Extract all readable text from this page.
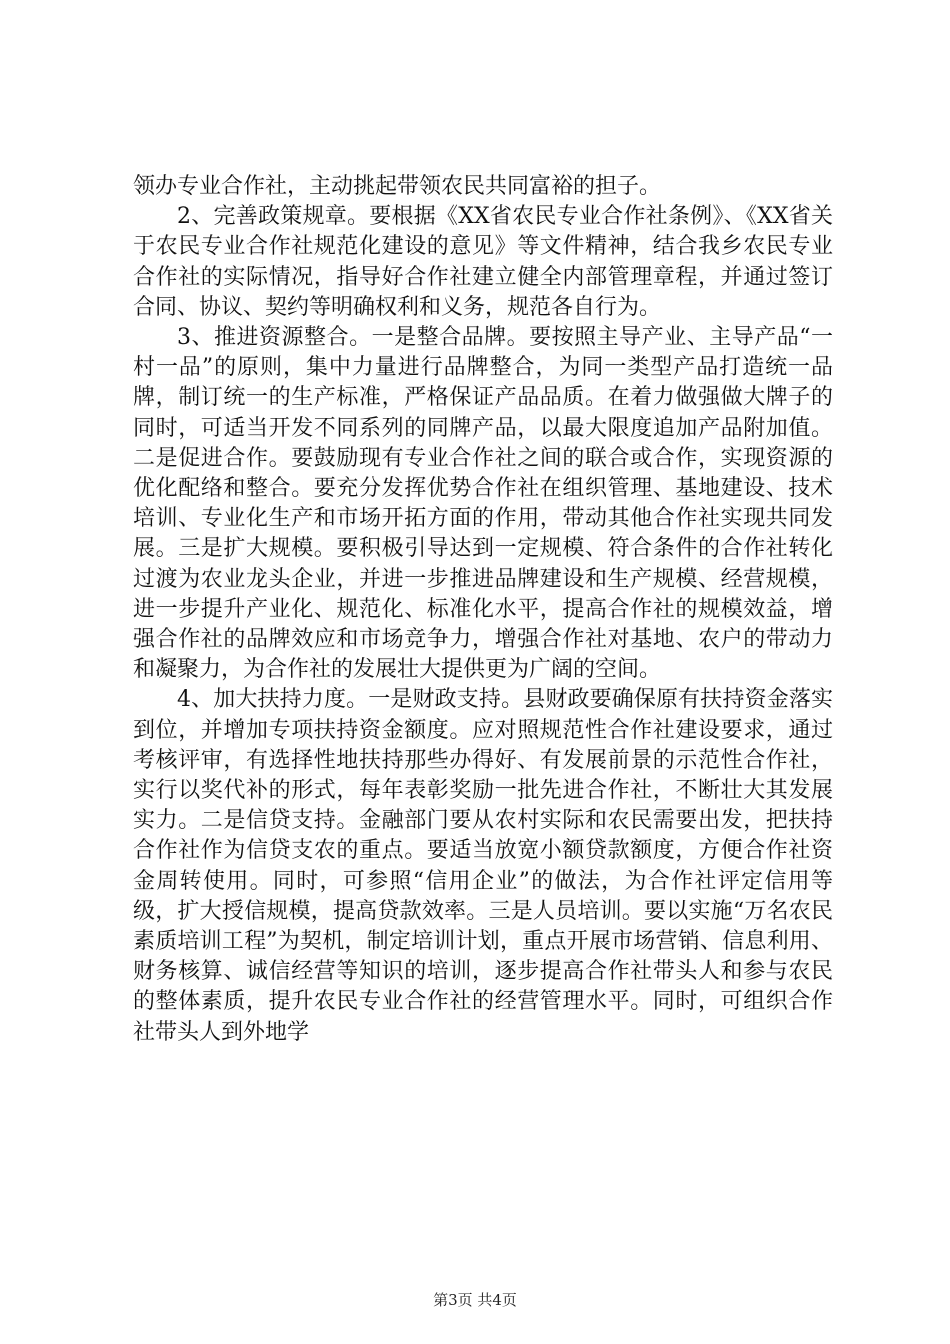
领办专业合作社，主动挑起带领农民共同富裕的担子。

2、完善政策规章。要根据《XX省农民专业合作社条例》、《XX省关于农民专业合作社规范化建设的意见》等文件精神，结合我乡农民专业合作社的实际情况，指导好合作社建立健全内部管理章程，并通过签订合同、协议、契约等明确权利和义务，规范各自行为。

3、推进资源整合。一是整合品牌。要按照主导产业、主导产品“一村一品”的原则，集中力量进行品牌整合，为同一类型产品打造统一品牌，制订统一的生产标准，严格保证产品品质。在着力做强做大牌子的同时，可适当开发不同系列的同牌产品，以最大限度追加产品附加值。二是促进合作。要鼓励现有专业合作社之间的联合或合作，实现资源的优化配络和整合。要充分发挥优势合作社在组织管理、基地建设、技术培训、专业化生产和市场开拓方面的作用，带动其他合作社实现共同发展。三是扩大规模。要积极引导达到一定规模、符合条件的合作社转化过渡为农业龙头企业，并进一步推进品牌建设和生产规模、经营规模，进一步提升产业化、规范化、标准化水平，提高合作社的规模效益，增强合作社的品牌效应和市场竞争力，增强合作社对基地、农户的带动力和凝聚力，为合作社的发展壮大提供更为广阔的空间。

4、加大扶持力度。一是财政支持。县财政要确保原有扶持资金落实到位，并增加专项扶持资金额度。应对照规范性合作社建设要求，通过考核评审，有选择性地扶持那些办得好、有发展前景的示范性合作社，实行以奖代补的形式，每年表彰奖励一批先进合作社，不断壮大其发展实力。二是信贷支持。金融部门要从农村实际和农民需要出发，把扶持合作社作为信贷支农的重点。要适当放宽小额贷款额度，方便合作社资金周转使用。同时，可参照“信用企业”的做法，为合作社评定信用等级，扩大授信规模，提高贷款效率。三是人员培训。要以实施“万名农民素质培训工程”为契机，制定培训计划，重点开展市场营销、信息利用、财务核算、诚信经营等知识的培训，逐步提高合作社带头人和参与农民的整体素质，提升农民专业合作社的经营管理水平。同时，可组织合作社带头人到外地学

第3页 共4页
